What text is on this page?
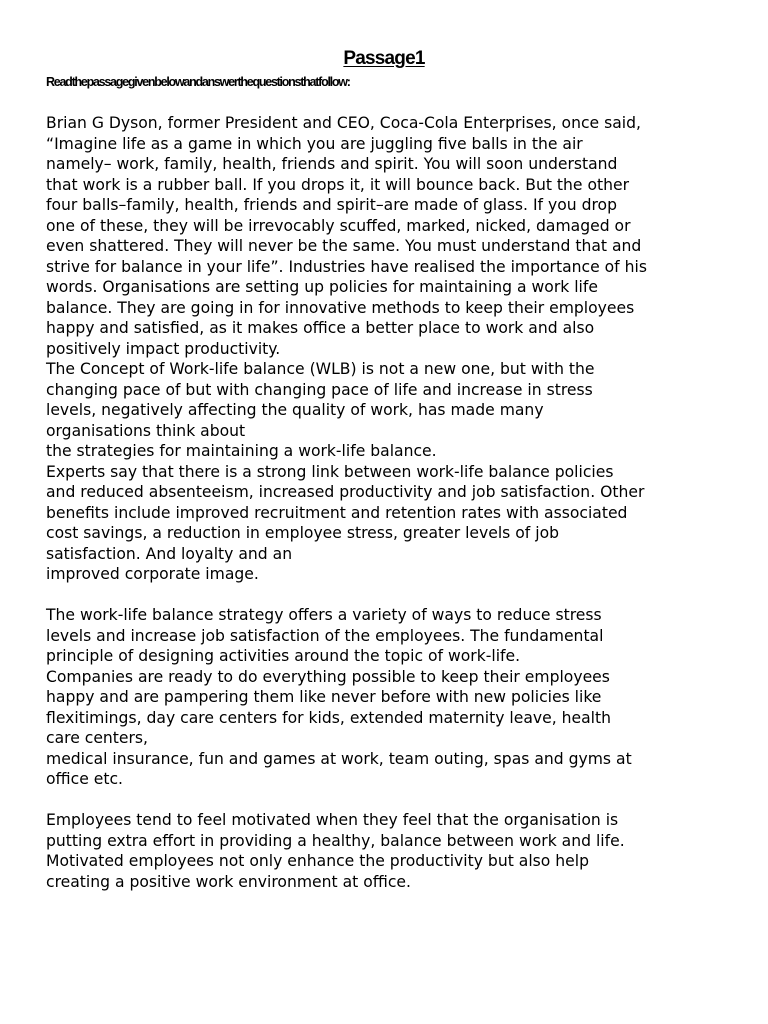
Passage1

Readthepassagegivenbelowandanswerthequestionsthatfollow:

Brian G Dyson, former President and CEO, Coca-Cola Enterprises, once said,
“Imagine life as a game in which you are juggling five balls in the air
namely– work, family, health, friends and spirit. You will soon understand
that work is a rubber ball. If you drops it, it will bounce back. But the other
four balls–family, health, friends and spirit–are made of glass. If you drop
one of these, they will be irrevocably scuffed, marked, nicked, damaged or
even shattered. They will never be the same. You must understand that and
strive for balance in your life”. Industries have realised the importance of his
words. Organisations are setting up policies for maintaining a work life
balance. They are going in for innovative methods to keep their employees
happy and satisfied, as it makes office a better place to work and also
positively impact productivity.
The Concept of Work-life balance (WLB) is not a new one, but with the
changing pace of but with changing pace of life and increase in stress
levels, negatively affecting the quality of work, has made many
organisations think about
the strategies for maintaining a work-life balance.
Experts say that there is a strong link between work-life balance policies
and reduced absenteeism, increased productivity and job satisfaction. Other
benefits include improved recruitment and retention rates with associated
cost savings, a reduction in employee stress, greater levels of job
satisfaction. And loyalty and an
improved corporate image.
The work-life balance strategy offers a variety of ways to reduce stress
levels and increase job satisfaction of the employees. The fundamental
principle of designing activities around the topic of work-life.
Companies are ready to do everything possible to keep their employees
happy and are pampering them like never before with new policies like
flexitimings, day care centers for kids, extended maternity leave, health
care centers,
medical insurance, fun and games at work, team outing, spas and gyms at
office etc.
Employees tend to feel motivated when they feel that the organisation is
putting extra effort in providing a healthy, balance between work and life.
Motivated employees not only enhance the productivity but also help
creating a positive work environment at office.
